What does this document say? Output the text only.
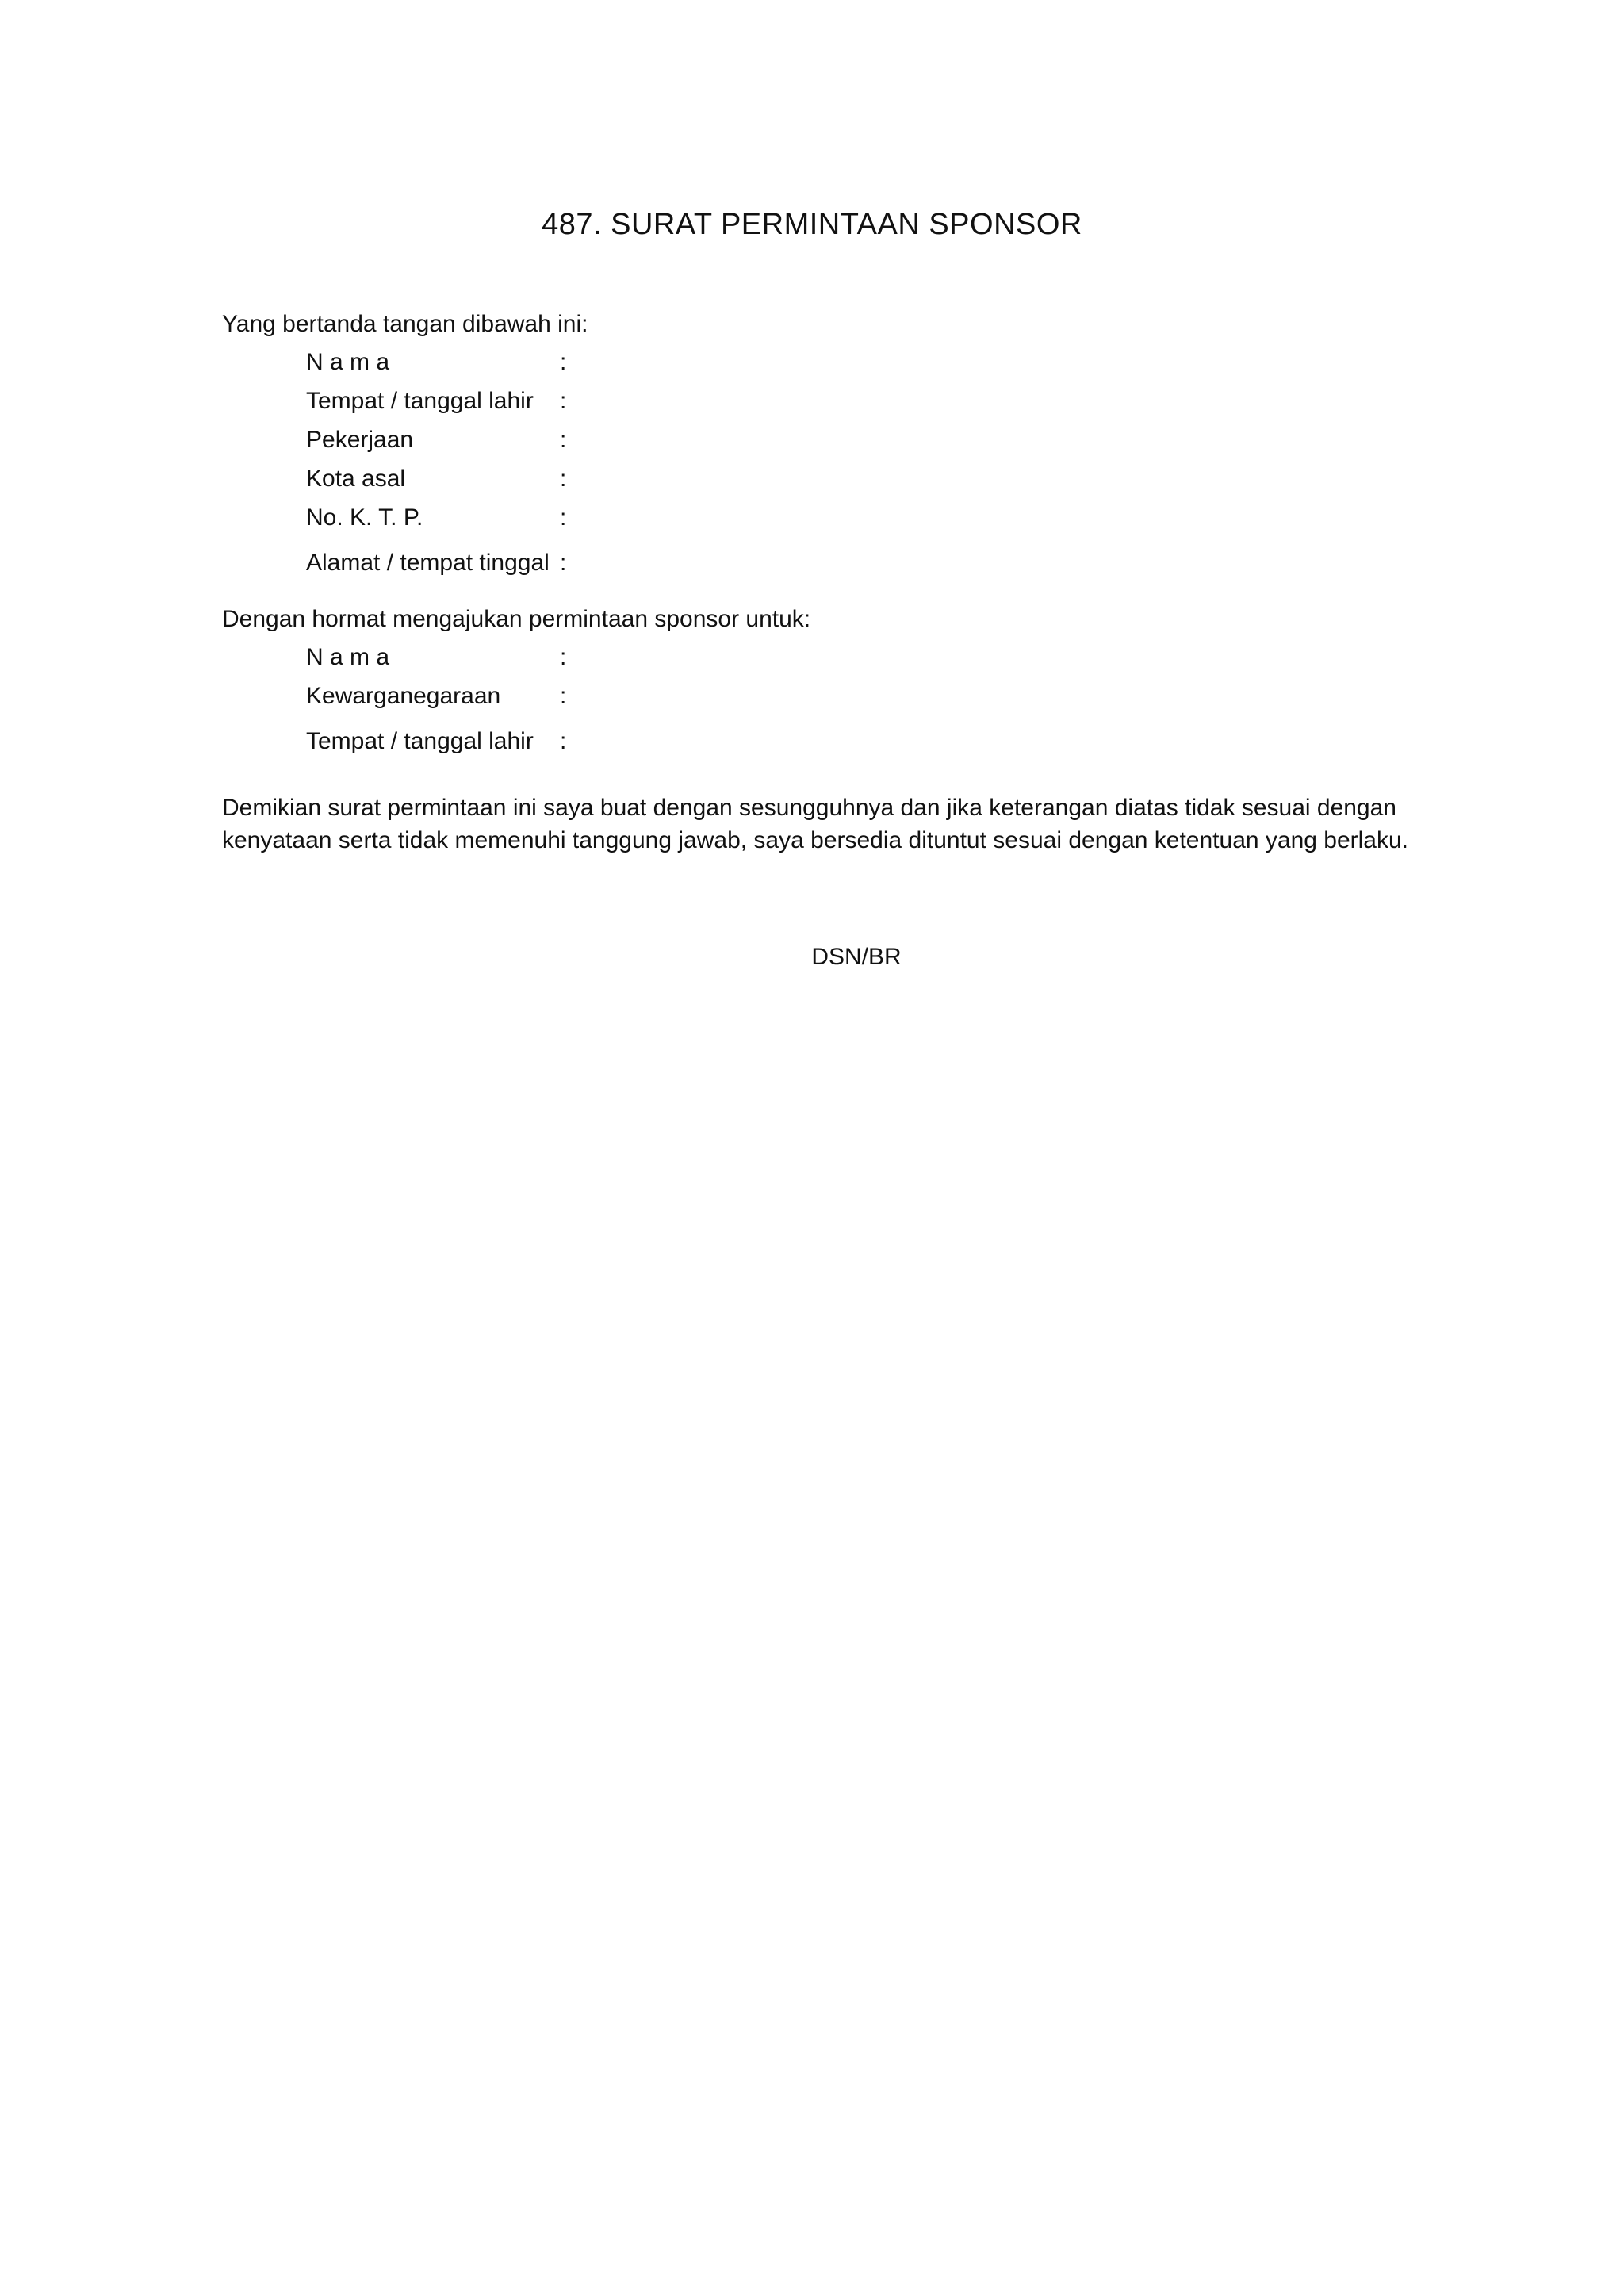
487. SURAT PERMINTAAN SPONSOR
Yang bertanda tangan dibawah ini:
N a m a	:
Tempat / tanggal lahir :
Pekerjaan	:
Kota asal	:
No. K. T. P.	:
Alamat / tempat tinggal :
Dengan hormat mengajukan permintaan sponsor untuk:
N a m a	:
Kewarganegaraan :
Tempat / tanggal lahir :
Demikian surat permintaan ini saya buat dengan sesungguhnya dan jika keterangan diatas tidak sesuai dengan
kenyataan serta tidak memenuhi tanggung jawab, saya bersedia dituntut sesuai dengan ketentuan yang berlaku.
DSN/BR
